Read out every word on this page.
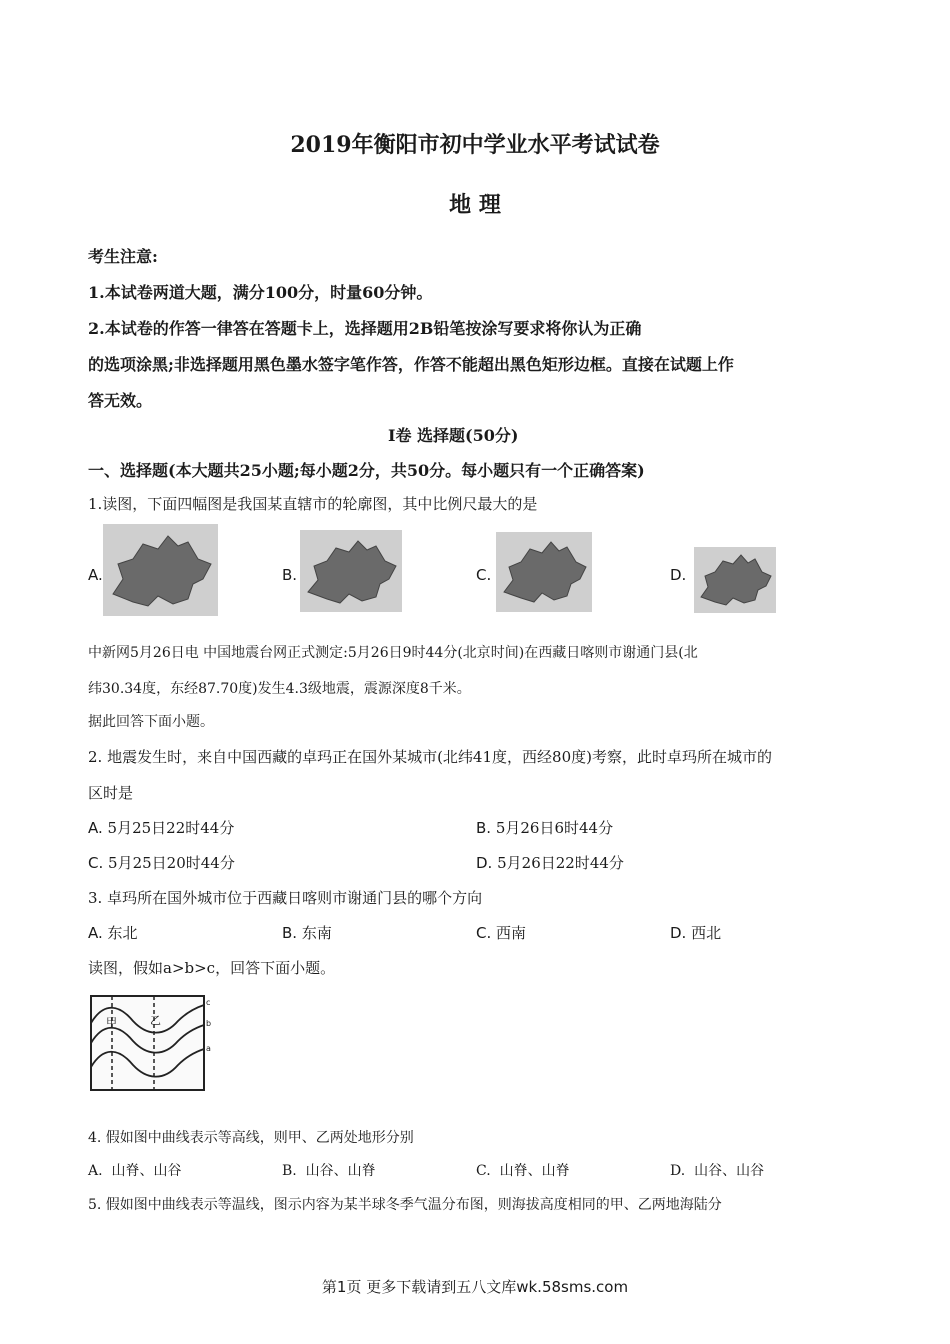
2019年衡阳市初中学业水平考试试卷
地 理
考生注意:
1.本试卷两道大题，满分100分，时量60分钟。
2.本试卷的作答一律答在答题卡上，选择题用2B铅笔按涂写要求将你认为正确
的选项涂黑;非选择题用黑色墨水签字笔作答，作答不能超出黑色矩形边框。直接在试题上作
答无效。
I卷 选择题(50分)
一、选择题(本大题共25小题;每小题2分，共50分。每小题只有一个正确答案)
1.读图，下面四幅图是我国某直辖市的轮廓图，其中比例尺最大的是
A.	B.	C.	D.
中新网5月26日电 中国地震台网正式测定:5月26日9时44分(北京时间)在西藏日喀则市谢通门县(北
纬30.34度，东经87.70度)发生4.3级地震，震源深度8千米。
据此回答下面小题。
2. 地震发生时，来自中国西藏的卓玛正在国外某城市(北纬41度，西经80度)考察，此时卓玛所在城市的
区时是
A. 5月25日22时44分	B. 5月26日6时44分
C. 5月25日20时44分	D. 5月26日22时44分
3. 卓玛所在国外城市位于西藏日喀则市谢通门县的哪个方向
A. 东北	B. 东南	C. 西南	D. 西北
读图，假如a>b>c，回答下面小题。
甲	乙
c
b
a
4. 假如图中曲线表示等高线，则甲、乙两处地形分别
A. 山脊、山谷	B. 山谷、山脊	C. 山脊、山脊	D. 山谷、山谷
5. 假如图中曲线表示等温线，图示内容为某半球冬季气温分布图，则海拔高度相同的甲、乙两地海陆分
第1页 更多下载请到五八文库wk.58sms.com
